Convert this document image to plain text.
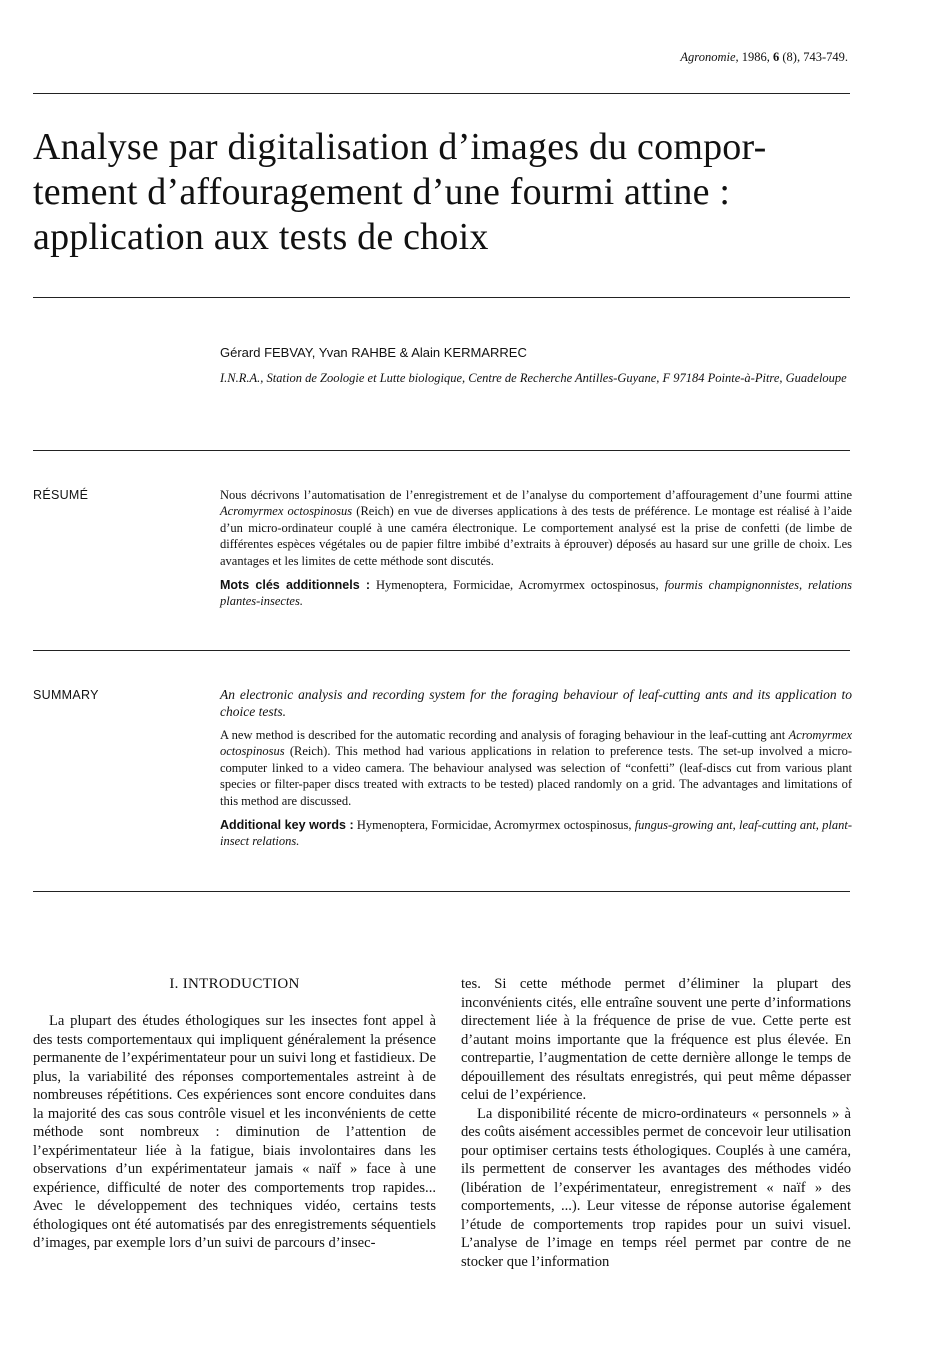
Agronomie, 1986, 6 (8), 743-749.
Analyse par digitalisation d’images du compor-tement d’affouragement d’une fourmi attine : application aux tests de choix
Gérard FEBVAY, Yvan RAHBE & Alain KERMARREC
I.N.R.A., Station de Zoologie et Lutte biologique, Centre de Recherche Antilles-Guyane, F 97184 Pointe-à-Pitre, Guadeloupe
RÉSUMÉ	Nous décrivons l’automatisation de l’enregistrement et de l’analyse du comportement d’affouragement d’une fourmi attine Acromyrmex octospinosus (Reich) en vue de diverses applications à des tests de préférence. Le montage est réalisé à l’aide d’un micro-ordinateur couplé à une caméra électronique. Le comportement analysé est la prise de confetti (de limbe de différentes espèces végétales ou de papier filtre imbibé d’extraits à éprouver) déposés au hasard sur une grille de choix. Les avantages et les limites de cette méthode sont discutés.

Mots clés additionnels : Hymenoptera, Formicidae, Acromyrmex octospinosus, fourmis champignonnistes, relations plantes-insectes.

SUMMARY	An electronic analysis and recording system for the foraging behaviour of leaf-cutting ants and its application to choice tests.

A new method is described for the automatic recording and analysis of foraging behaviour in the leaf-cutting ant Acromyrmex octospinosus (Reich). This method had various applications in relation to preference tests. The set-up involved a micro-computer linked to a video camera. The behaviour analysed was selection of “confetti” (leaf-discs cut from various plant species or filter-paper discs treated with extracts to be tested) placed randomly on a grid. The advantages and limitations of this method are discussed.

Additional key words : Hymenoptera, Formicidae, Acromyrmex octospinosus, fungus-growing ant, leaf-cutting ant, plant-insect relations.

I. INTRODUCTION

La plupart des études éthologiques sur les insectes font appel à des tests comportementaux qui impliquent généralement la présence permanente de l’expérimentateur pour un suivi long et fastidieux. De plus, la variabilité des réponses comportementales astreint à de nombreuses répétitions. Ces expériences sont encore conduites dans la majorité des cas sous contrôle visuel et les inconvénients de cette méthode sont nombreux : diminution de l’attention de l’expérimentateur liée à la fatigue, biais involontaires dans les observations d’un expérimentateur jamais « naïf » face à une expérience, difficulté de noter des comportements trop rapides... Avec le développement des techniques vidéo, certains tests éthologiques ont été automatisés par des enregistrements séquentiels d’images, par exemple lors d’un suivi de parcours d’insec-

tes. Si cette méthode permet d’éliminer la plupart des inconvénients cités, elle entraîne souvent une perte d’informations directement liée à la fréquence de prise de vue. Cette perte est d’autant moins importante que la fréquence est plus élevée. En contrepartie, l’augmentation de cette dernière allonge le temps de dépouillement des résultats enregistrés, qui peut même dépasser celui de l’expérience.

La disponibilité récente de micro-ordinateurs « personnels » à des coûts aisément accessibles permet de concevoir leur utilisation pour optimiser certains tests éthologiques. Couplés à une caméra, ils permettent de conserver les avantages des méthodes vidéo (libération de l’expérimentateur, enregistrement « naïf » des comportements, ...). Leur vitesse de réponse autorise également l’étude de comportements trop rapides pour un suivi visuel. L’analyse de l’image en temps réel permet par contre de ne stocker que l’information
